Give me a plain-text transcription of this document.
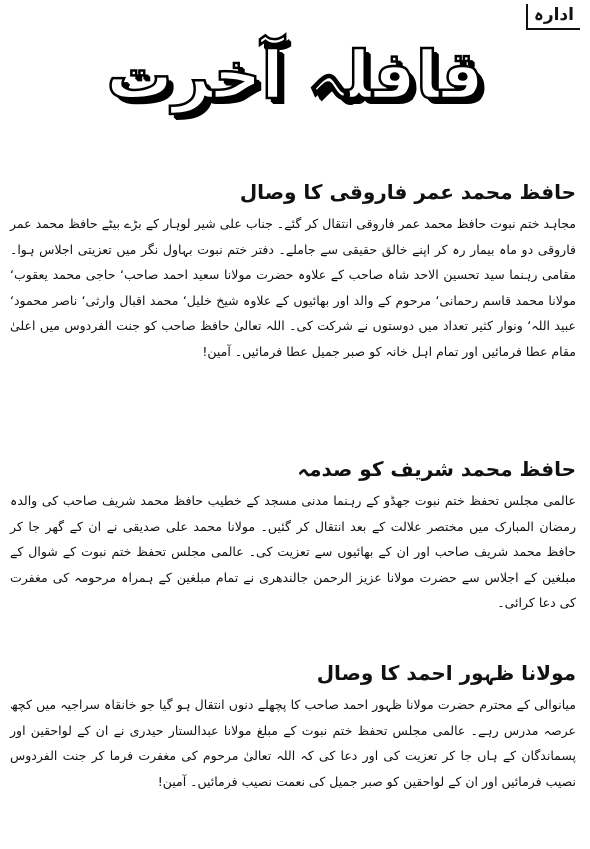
ادارہ
قافلہ آخرت
حافظ محمد عمر فاروقی کا وصال

مجاہد ختم نبوت حافظ محمد عمر فاروقی انتقال کر گئے۔ جناب علی شیر لوہار کے بڑے بیٹے حافظ محمد عمر فاروقی دو ماہ بیمار رہ کر اپنے خالق حقیقی سے جاملے۔ دفتر ختم نبوت بہاول نگر میں تعزیتی اجلاس ہوا۔ مقامی رہنما سید تحسین الاحد شاہ صاحب کے علاوہ حضرت مولانا سعید احمد صاحب‘ حاجی محمد یعقوب‘ مولانا محمد قاسم رحمانی‘ مرحوم کے والد اور بھائیوں کے علاوہ شیخ خلیل‘ محمد اقبال وارثی‘ ناصر محمود‘ عبید اللہ‘ ونوار کثیر تعداد میں دوستوں نے شرکت کی۔ اللہ تعالیٰ حافظ صاحب کو جنت الفردوس میں اعلیٰ مقام عطا فرمائیں اور تمام اہل خانہ کو صبر جمیل عطا فرمائیں۔ آمین!

حافظ محمد شریف کو صدمہ

عالمی مجلس تحفظ ختم نبوت جھڈو کے رہنما مدنی مسجد کے خطیب حافظ محمد شریف صاحب کی والدہ رمضان المبارک میں مختصر علالت کے بعد انتقال کر گئیں۔ مولانا محمد علی صدیقی نے ان کے گھر جا کر حافظ محمد شریف صاحب اور ان کے بھائیوں سے تعزیت کی۔ عالمی مجلس تحفظ ختم نبوت کے شوال کے مبلغین کے اجلاس سے حضرت مولانا عزیز الرحمن جالندھری نے تمام مبلغین کے ہمراہ مرحومہ کی مغفرت کی دعا کرائی۔

مولانا ظہور احمد کا وصال

میانوالی کے محترم حضرت مولانا ظہور احمد صاحب کا پچھلے دنوں انتقال ہو گیا جو خانقاہ سراجیہ میں کچھ عرصہ مدرس رہے۔ عالمی مجلس تحفظ ختم نبوت کے مبلغ مولانا عبدالستار حیدری نے ان کے لواحقین اور پسماندگان کے ہاں جا کر تعزیت کی اور دعا کی کہ اللہ تعالیٰ مرحوم کی مغفرت فرما کر جنت الفردوس نصیب فرمائیں اور ان کے لواحقین کو صبر جمیل کی نعمت نصیب فرمائیں۔ آمین!
